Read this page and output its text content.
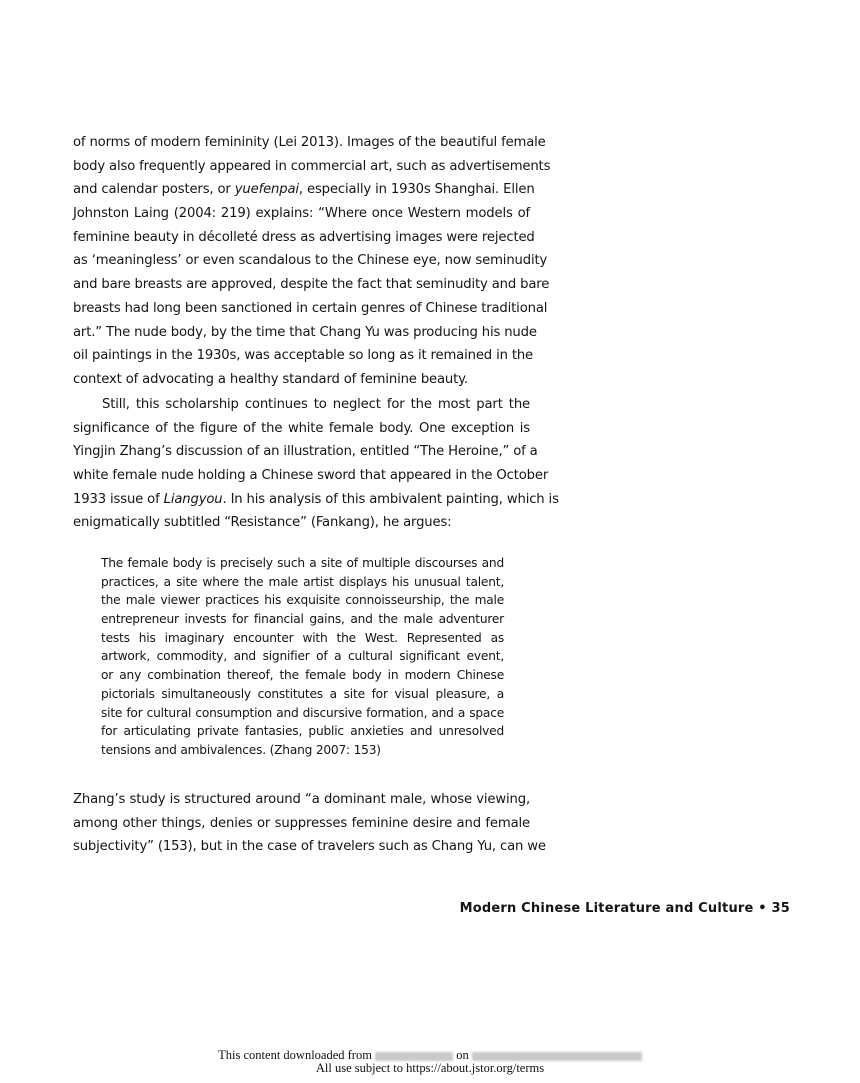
of norms of modern femininity (Lei 2013). Images of the beautiful female
body also frequently appeared in commercial art, such as advertisements
and calendar posters, or yuefenpai, especially in 1930s Shanghai. Ellen
Johnston Laing (2004: 219) explains: “Where once Western models of
feminine beauty in décolleté dress as advertising images were rejected
as ‘meaningless’ or even scandalous to the Chinese eye, now seminudity
and bare breasts are approved, despite the fact that seminudity and bare
breasts had long been sanctioned in certain genres of Chinese traditional
art.” The nude body, by the time that Chang Yu was producing his nude
oil paintings in the 1930s, was acceptable so long as it remained in the
context of advocating a healthy standard of feminine beauty.
Still, this scholarship continues to neglect for the most part the
significance of the figure of the white female body. One exception is
Yingjin Zhang’s discussion of an illustration, entitled “The Heroine,” of a
white female nude holding a Chinese sword that appeared in the October
1933 issue of Liangyou. In his analysis of this ambivalent painting, which is
enigmatically subtitled “Resistance” (Fankang), he argues:
The female body is precisely such a site of multiple discourses and
practices, a site where the male artist displays his unusual talent,
the male viewer practices his exquisite connoisseurship, the male
entrepreneur invests for financial gains, and the male adventurer
tests his imaginary encounter with the West. Represented as
artwork, commodity, and signifier of a cultural significant event,
or any combination thereof, the female body in modern Chinese
pictorials simultaneously constitutes a site for visual pleasure, a
site for cultural consumption and discursive formation, and a space
for articulating private fantasies, public anxieties and unresolved
tensions and ambivalences. (Zhang 2007: 153)
Zhang’s study is structured around “a dominant male, whose viewing,
among other things, denies or suppresses feminine desire and female
subjectivity” (153), but in the case of travelers such as Chang Yu, can we
Modern Chinese Literature and Culture • 35
This content downloaded from	on
All use subject to https://about.jstor.org/terms
